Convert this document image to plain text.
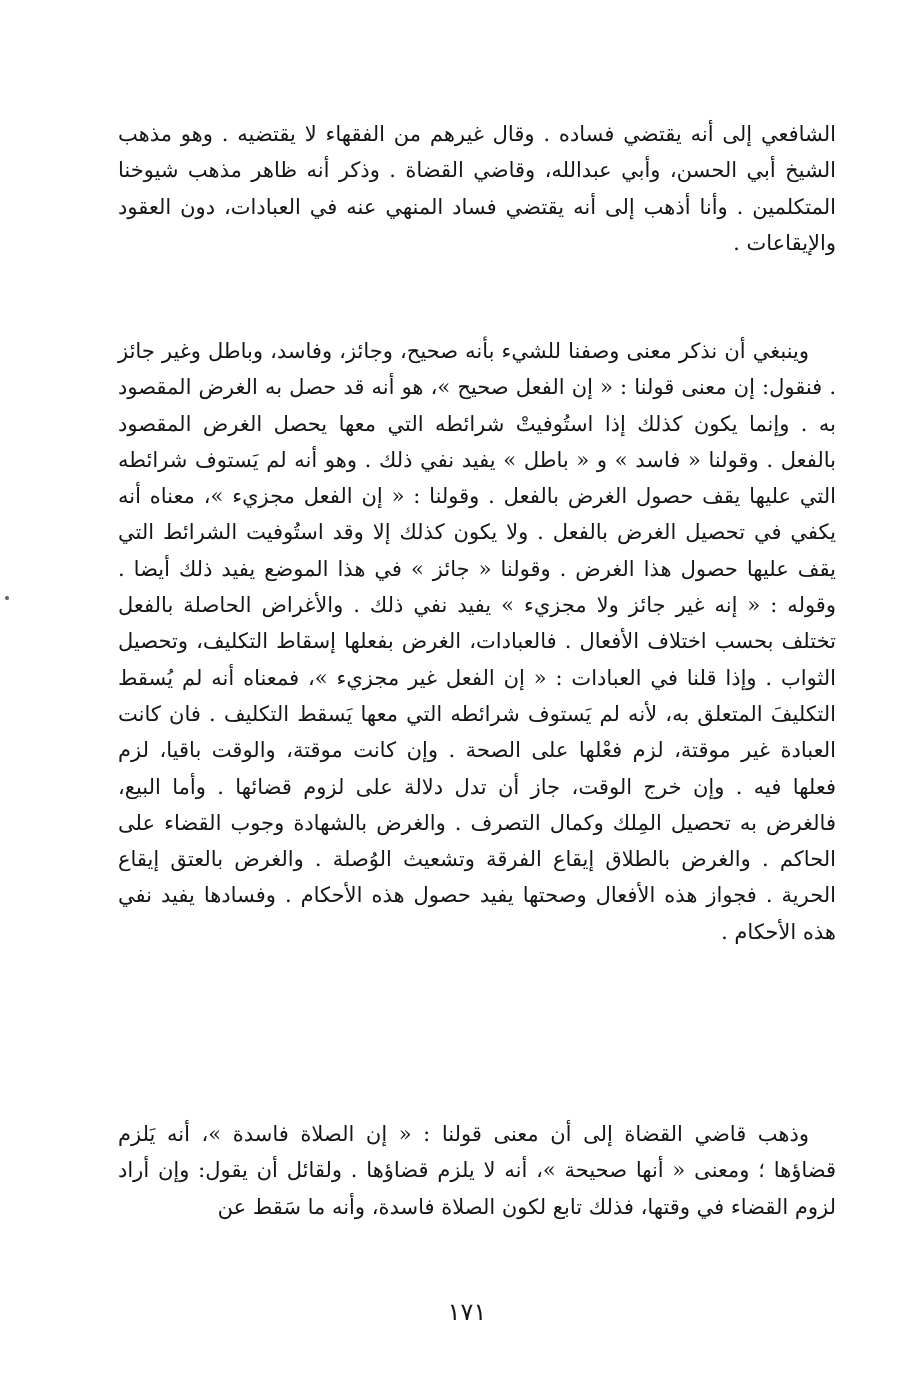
الشافعي إلى أنه يقتضي فساده . وقال غيرهم من الفقهاء لا يقتضيه . وهو مذهب الشيخ أبي الحسن، وأبي عبدالله، وقاضي القضاة . وذكر أنه ظاهر مذهب شيوخنا المتكلمين . وأنا أذهب إلى أنه يقتضي فساد المنهي عنه في العبادات، دون العقود والإيقاعات .

وينبغي أن نذكر معنى وصفنا للشيء بأنه صحيح، وجائز، وفاسد، وباطل وغير جائز . فنقول: إن معنى قولنا : « إن الفعل صحيح »، هو أنه قد حصل به الغرض المقصود به . وإنما يكون كذلك إذا استُوفيتْ شرائطه التي معها يحصل الغرض المقصود بالفعل . وقولنا « فاسد » و « باطل » يفيد نفي ذلك . وهو أنه لم يَستوف شرائطه التي عليها يقف حصول الغرض بالفعل . وقولنا : « إن الفعل مجزيء »، معناه أنه يكفي في تحصيل الغرض بالفعل . ولا يكون كذلك إلا وقد استُوفيت الشرائط التي يقف عليها حصول هذا الغرض . وقولنا « جائز » في هذا الموضع يفيد ذلك أيضا . وقوله : « إنه غير جائز ولا مجزيء » يفيد نفي ذلك . والأغراض الحاصلة بالفعل تختلف بحسب اختلاف الأفعال . فالعبادات، الغرض بفعلها إسقاط التكليف، وتحصيل الثواب . وإذا قلنا في العبادات : « إن الفعل غير مجزيء »، فمعناه أنه لم يُسقط التكليفَ المتعلق به، لأنه لم يَستوف شرائطه التي معها يَسقط التكليف . فان كانت العبادة غير موقتة، لزم فعْلها على الصحة . وإن كانت موقتة، والوقت باقيا، لزم فعلها فيه . وإن خرج الوقت، جاز أن تدل دلالة على لزوم قضائها . وأما البيع، فالغرض به تحصيل المِلك وكمال التصرف . والغرض بالشهادة وجوب القضاء على الحاكم . والغرض بالطلاق إيقاع الفرقة وتشعيث الوُصلة . والغرض بالعتق إيقاع الحرية . فجواز هذه الأفعال وصحتها يفيد حصول هذه الأحكام . وفسادها يفيد نفي هذه الأحكام .

وذهب قاضي القضاة إلى أن معنى قولنا : « إن الصلاة فاسدة »، أنه يَلزم قضاؤها ؛ ومعنى « أنها صحيحة »، أنه لا يلزم قضاؤها . ولقائل أن يقول: وإن أراد لزوم القضاء في وقتها، فذلك تابع لكون الصلاة فاسدة، وأنه ما سَقط عن

١٧١
